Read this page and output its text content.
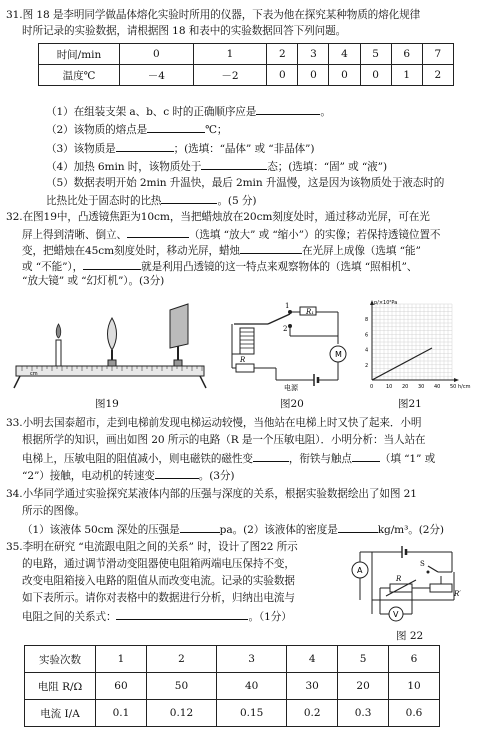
31.图 18 是李明同学做晶体熔化实验时所用的仪器，下表为他在探究某种物质的熔化规律
时所记录的实验数据，请根据图 18 和表中的实验数据回答下列问题。
时间/min	0	1	2	3	4	5	6	7
温度℃	－4	－2	0	0	0	0	1	2
（1）在组装支架 a、b、c 时的正确顺序应是	。
（2）该物质的熔点是	℃；
（3）该物质是	；(选填：“晶体” 或 “非晶体”)
（4）加热 6min 时，该物质处于	态；(选填：“固” 或 “液”)
（5）数据表明开始 2min 升温快，最后 2min 升温慢，这是因为该物质处于液态时的
比热比处于固态时的比热	。(5 分)
32.在图19中，凸透镜焦距为10cm，当把蜡烛放在20cm刻度处时，通过移动光屏，可在光
屏上得到清晰、倒立、	（选填 “放大” 或 “缩小”）的实像；若保持透镜位置不
变，把蜡烛在45cm刻度处时，移动光屏，蜡烛	在光屏上成像（选填 “能”
或 “不能”），	就是利用凸透镜的这一特点来观察物体的（选填 “照相机”、
“放大镜” 或 “幻灯机”）。(3分)
cm
图19
R₁
1
2
M
R
电源
图20
p/×10²Pa
h/cm
2
4
6
8
0	10 20 30 40 50
图21
33.小明去国泰超市，走到电梯前发现电梯运动较慢，当他站在电梯上时又快了起来．小明
根据所学的知识，画出如图 20 所示的电路（R 是一个压敏电阻）．小明分析：当人站在
电梯上，压敏电阻的阻值减小，则电磁铁的磁性变	，衔铁与触点	（填 “1” 或
“2”）接触，电动机的转速变	。(3分)
34.小华同学通过实验探究某液体内部的压强与深度的关系，根据实验数据绘出了如图 21
所示的图像。
（1）该液体 50cm 深处的压强是	pa。(2）该液体的密度是	kg/m³。(2分)
35.李明在研究 “电流跟电阻之间的关系” 时，设计了图22 所示
的电路，通过调节滑动变阻器使电阻箱两端电压保持不变，
改变电阻箱接入电路的阻值从而改变电流。记录的实验数据
如下表所示。请你对表格中的数据进行分析，归纳出电流与
电阻之间的关系式：	。（1分）
A
V
S
R
R′
图 22
实验次数	1	2	3	4	5	6
电阻 R/Ω	60	50	40	30	20	10
电流 I/A	0.1	0.12	0.15	0.2	0.3	0.6
